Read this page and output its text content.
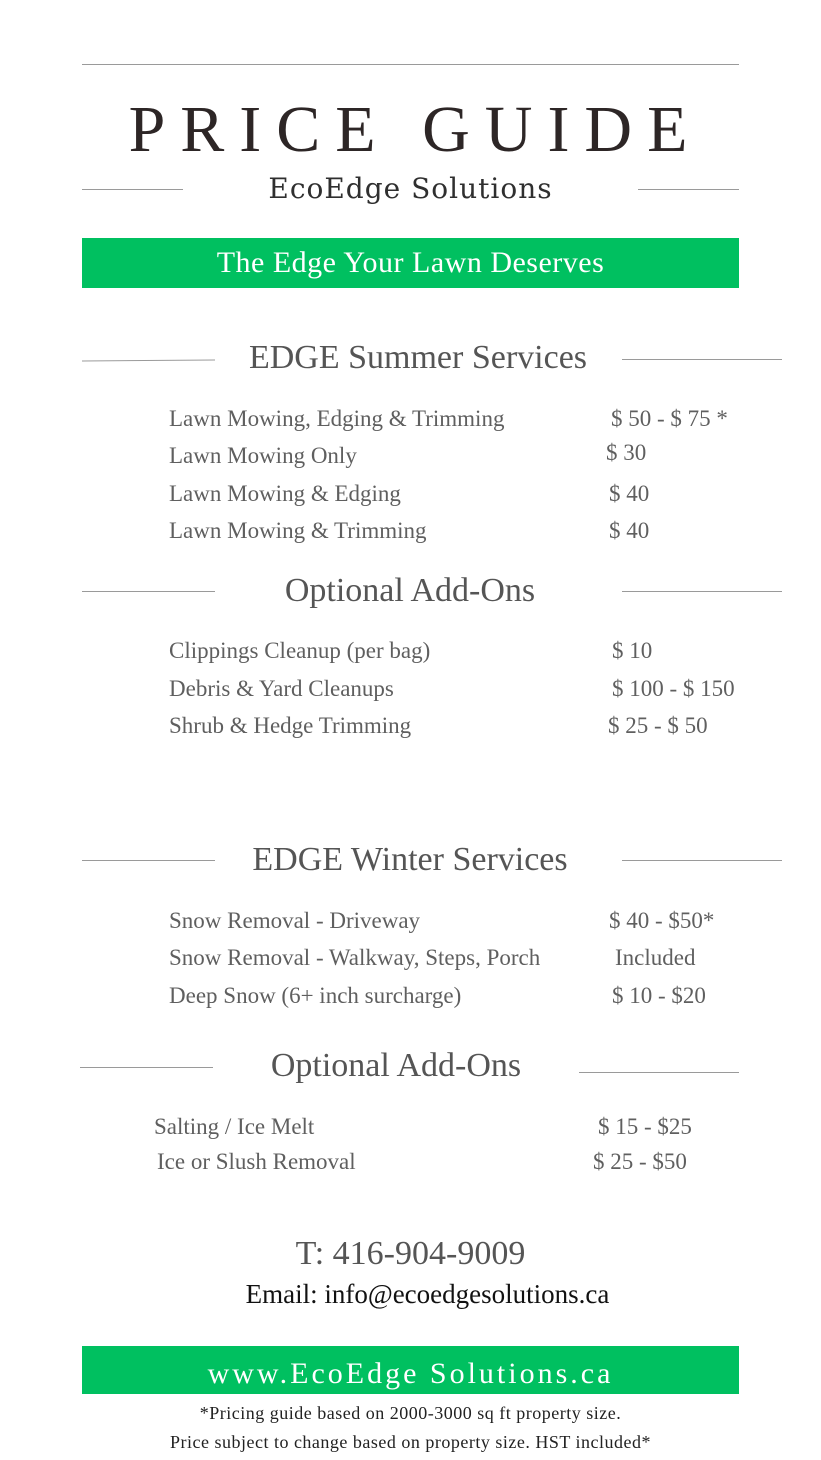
PRICE GUIDE
EcoEdge Solutions
The Edge Your Lawn Deserves
EDGE Summer Services
Lawn Mowing, Edging & Trimming	$ 50 - $ 75 *
Lawn Mowing Only	$ 30
Lawn Mowing & Edging	$ 40
Lawn Mowing & Trimming	$ 40
Optional Add-Ons
Clippings Cleanup (per bag)	$ 10
Debris & Yard Cleanups	$ 100 - $ 150
Shrub & Hedge Trimming	$ 25 - $ 50
EDGE Winter Services
Snow Removal - Driveway	$ 40 - $50*
Snow Removal - Walkway, Steps, Porch	Included
Deep Snow (6+ inch surcharge)	$ 10 - $20
Optional Add-Ons
Salting / Ice Melt	$ 15 - $25
Ice or Slush Removal	$ 25 - $50
T: 416-904-9009
Email: info@ecoedgesolutions.ca
www.EcoEdge Solutions.ca
*Pricing guide based on 2000-3000 sq ft property size.
Price subject to change based on property size. HST included*
